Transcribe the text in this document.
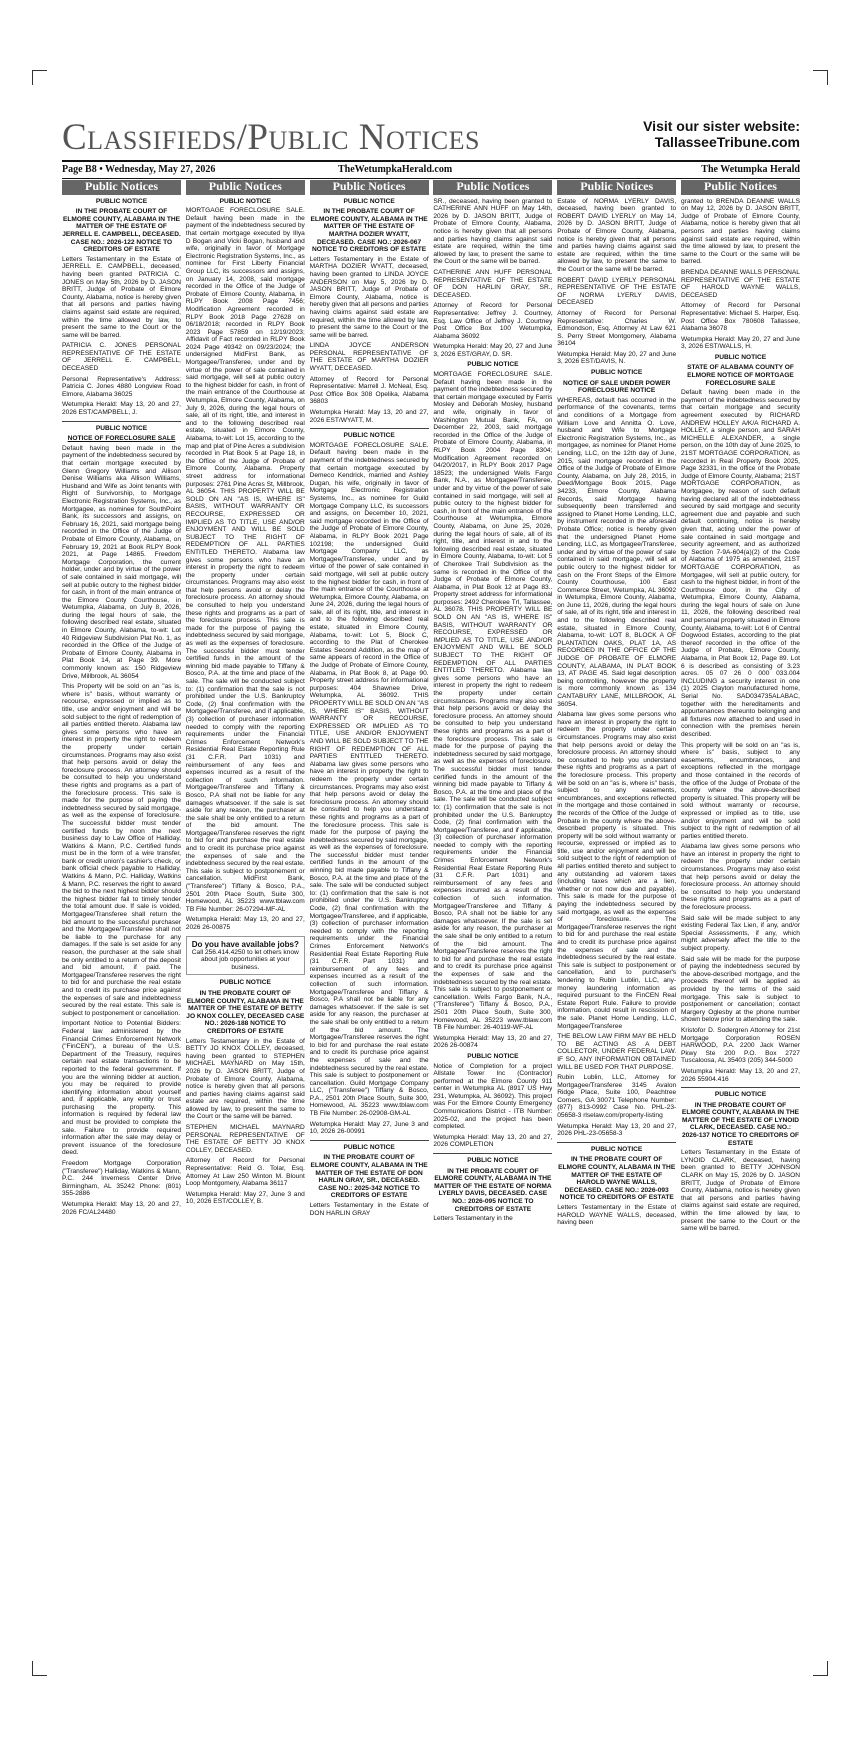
Classifieds/Public Notices	Visit our sister website:
TallasseeTribune.com
Page B8 • Wednesday, May 27, 2026	TheWetumpkaHerald.com	The Wetumpka Herald
Public Notices
PUBLIC NOTICE
IN THE PROBATE COURT OF ELMORE COUNTY, ALABAMA IN THE MATTER OF THE ESTATE OF JERRELL E. CAMPBELL, DECEASED. CASE NO.: 2026-122 NOTICE TO CREDITORS OF ESTATE
Letters Testamentary in the Estate of JERRELL E. CAMPBELL, deceased, having been granted PATRICIA C. JONES on May 5th, 2026 by D. JASON BRITT, Judge of Probate of Elmore County, Alabama, notice is hereby given that all persons and parties having claims against said estate are required, within the time allowed by law, to present the same to the Court or the same will be barred.
PATRICIA C. JONES PERSONAL REPRESENTATIVE OF THE ESTATE OF JERRELL E. CAMPBELL, DECEASED
Personal Representative's Address: Patricia C. Jones 4880 Longview Road Elmore, Alabama 36025
Wetumpka Herald: May 13, 20 and 27, 2026 EST/CAMPBELL, J.
PUBLIC NOTICE
NOTICE OF FORECLOSURE SALE
Default having been made in the payment of the indebtedness secured by that certain mortgage executed by Glenn Gregory Williams and Allison Denise Williams aka Allison Williams, Husband and Wife as Joint tenants with Right of Survivorship, to Mortgage Electronic Registration Systems, Inc., as Mortgagee, as nominee for SouthPoint Bank, its successors and assigns, on February 16, 2021, said mortgage being recorded in the Office of the Judge of Probate of Elmore County, Alabama, on February 19, 2021 at Book RLPY Book 2021, at Page 14865. Freedom Mortgage Corporation, the current holder, under and by virtue of the power of sale contained in said mortgage, will sell at public outcry to the highest bidder for cash, in front of the main entrance of the Elmore County Courthouse, in Wetumpka, Alabama, on July 8, 2026, during the legal hours of sale, the following described real estate, situated in Elmore County, Alabama, to-wit: Lot 40 Ridgeview Subdivision Plat No. 1, as recorded in the Office of the Judge of Probate of Elmore County, Alabama in Plat Book 14, at Page 39. More commonly known as: 150 Ridgeview Drive, Millbrook, AL 36054
This Property will be sold on an "as is, where is" basis, without warranty or recourse, expressed or implied as to title, use and/or enjoyment and will be sold subject to the right of redemption of all parties entitled thereto. Alabama law gives some persons who have an interest in property the right to redeem the property under certain circumstances. Programs may also exist that help persons avoid or delay the foreclosure process. An attorney should be consulted to help you understand these rights and programs as a part of the foreclosure process. This sale is made for the purpose of paying the indebtedness secured by said mortgage, as well as the expense of foreclosure. The successful bidder must tender certified funds by noon the next business day to Law Office of Halliday, Watkins & Mann, P.C. Certified funds must be in the form of a wire transfer, bank or credit union's cashier's check, or bank official check payable to Halliday, Watkins & Mann, P.C. Halliday, Watkins & Mann, P.C. reserves the right to award the bid to the next highest bidder should the highest bidder fail to timely tender the total amount due. If sale is voided, Mortgagee/Transferee shall return the bid amount to the successful purchaser and the Mortgagee/Transferee shall not be liable to the purchase for any damages. If the sale is set aside for any reason, the purchaser at the sale shall be only entitled to a return of the deposit and bid amount, if paid. The Mortgagee/Transferee reserves the right to bid for and purchase the real estate and to credit its purchase price against the expenses of sale and indebtedness secured by the real estate. This sale is subject to postponement or cancellation.
Important Notice to Potential Bidders: Federal law administered by the Financial Crimes Enforcement Network ("FinCEN"), a bureau of the U.S. Department of the Treasury, requires certain real estate transactions to be reported to the federal government. If you are the winning bidder at auction, you may be required to provide identifying information about yourself and, if applicable, any entity or trust purchasing the property. This information is required by federal law and must be provided to complete the sale. Failure to provide required information after the sale may delay or prevent issuance of the foreclosure deed.
Freedom Mortgage Corporation ("Transferee") Halliday, Watkins & Mann, P.C. 244 Inverness Center Drive Birmingham, AL 35242 Phone: (801) 355-2886
Wetumpka Herald: May 13, 20 and 27, 2026 FC/AL24480
Public Notices
PUBLIC NOTICE
MORTGAGE FORECLOSURE SALE. Default having been made in the payment of the indebtedness secured by that certain mortgage executed by Illya D Bogan and Vicki Bogan, husband and wife, originally in favor of Mortgage Electronic Registration Systems, Inc., as nominee for First Liberty Financial Group LLC, its successors and assigns, on January 14, 2008, said mortgage recorded in the Office of the Judge of Probate of Elmore County, Alabama, in RLPY Book 2008 Page 7456; Modification Agreement recorded in RLPY Book 2018 Page 27628 on 06/18/2018; recorded in RLPY Book 2023 Page 57859 on 12/19/2023; Affidavit of Fact recorded in RLPY Book 2024 Page 49342 on 09/23/2024; the undersigned MidFirst Bank, as Mortgagee/Transferee, under and by virtue of the power of sale contained in said mortgage, will sell at public outcry to the highest bidder for cash, in front of the main entrance of the Courthouse at Wetumpka, Elmore County, Alabama, on July 9, 2026, during the legal hours of sale, all of its right, title, and interest in and to the following described real estate, situated in Elmore County, Alabama, to-wit: Lot 15, according to the map and plat of Pine Acres a subdivision recorded in Plat Book 5 at Page 18, in the Office of the Judge of Probate of Elmore County, Alabama. Property street address for informational purposes: 2761 Pine Acres St, Millbrook, AL 36054. THIS PROPERTY WILL BE SOLD ON AN "AS IS, WHERE IS" BASIS, WITHOUT WARRANTY OR RECOURSE, EXPRESSED OR IMPLIED AS TO TITLE, USE AND/OR ENJOYMENT AND WILL BE SOLD SUBJECT TO THE RIGHT OF REDEMPTION OF ALL PARTIES ENTITLED THERETO. Alabama law gives some persons who have an interest in property the right to redeem the property under certain circumstances. Programs may also exist that help persons avoid or delay the foreclosure process. An attorney should be consulted to help you understand these rights and programs as a part of the foreclosure process. This sale is made for the purpose of paying the indebtedness secured by said mortgage, as well as the expenses of foreclosure. The successful bidder must tender certified funds in the amount of the winning bid made payable to Tiffany & Bosco, P.A. at the time and place of the sale. The sale will be conducted subject to: (1) confirmation that the sale is not prohibited under the U.S. Bankruptcy Code, (2) final confirmation with the Mortgagee/Transferee, and if applicable, (3) collection of purchaser information needed to comply with the reporting requirements under the Financial Crimes Enforcement Network's Residential Real Estate Reporting Rule (31 C.F.R. Part 1031) and reimbursement of any fees and expenses incurred as a result of the collection of such information. Mortgagee/Transferee and Tiffany & Bosco, P.A shall not be liable for any damages whatsoever. If the sale is set aside for any reason, the purchaser at the sale shall be only entitled to a return of the bid amount. The Mortgagee/Transferee reserves the right to bid for and purchase the real estate and to credit its purchase price against the expenses of sale and the indebtedness secured by the real estate. This sale is subject to postponement or cancellation. MidFirst Bank, ("Transferee") Tiffany & Bosco, P.A., 2501 20th Place South, Suite 300, Homewood, AL 35223 www.tblaw.com TB File Number: 26-07294-MF-AL
Wetumpka Herald: May 13, 20 and 27, 2026 26-00875
Do you have available jobs?
Call 256.414.4250 to let others know about job opportunities at your business.
PUBLIC NOTICE
IN THE PROBATE COURT OF ELMORE COUNTY, ALABAMA IN THE MATTER OF THE ESTATE OF BETTY JO KNOX COLLEY, DECEASED CASE NO.: 2026-188 NOTICE TO CREDITORS OF ESTATE
Letters Testamentary in the Estate of BETTY JO KNOX COLLEY, deceased, having been granted to STEPHEN MICHAEL MAYNARD on May 15th, 2026 by D. JASON BRITT, Judge of Probate of Elmore County, Alabama, notice is hereby given that all persons and parties having claims against said estate are required, within the time allowed by law, to present the same to the Court or the same will be barred.
STEPHEN MICHAEL MAYNARD PERSONAL REPRESENTATIVE OF THE ESTATE OF BETTY JO KNOX COLLEY, DECEASED.
Attorney of Record for Personal Representative: Reid G. Tolar, Esq. Attorney At Law 250 Winton M. Blount Loop Montgomery, Alabama 36117
Wetumpka Herald: May 27, June 3 and 10, 2026 EST/COLLEY, B.
Public Notices
PUBLIC NOTICE
IN THE PROBATE COURT OF ELMORE COUNTY, ALABAMA IN THE MATTER OF THE ESTATE OF MARTHA DOZIER WYATT, DECEASED. CASE NO.: 2026-067 NOTICE TO CREDITORS OF ESTATE
Letters Testamentary in the Estate of MARTHA DOZIER WYATT, deceased, having been granted to LINDA JOYCE ANDERSON on May 5, 2026 by D. JASON BRITT, Judge of Probate of Elmore County, Alabama, notice is hereby given that all persons and parties having claims against said estate are required, within the time allowed by law, to present the same to the Court or the same will be barred.
LINDA JOYCE ANDERSON PERSONAL REPRESENTATIVE OF THE ESTATE OF MARTHA DOZIER WYATT, DECEASED.
Attorney of Record for Personal Representative: Marrell J. McNeal, Esq. Post Office Box 308 Opelika, Alabama 36803
Wetumpka Herald: May 13, 20 and 27, 2026 EST/WYATT, M.
PUBLIC NOTICE
MORTGAGE FORECLOSURE SALE. Default having been made in the payment of the indebtedness secured by that certain mortgage executed by Demeco Kendrick, married and Ashley Dugan, his wife, originally in favor of Mortgage Electronic Registration Systems, Inc., as nominee for Guild Mortgage Company LLC, its successors and assigns, on December 10, 2021, said mortgage recorded in the Office of the Judge of Probate of Elmore County, Alabama, in RLPY Book 2021 Page 102198; the undersigned Guild Mortgage Company LLC, as Mortgagee/Transferee, under and by virtue of the power of sale contained in said mortgage, will sell at public outcry to the highest bidder for cash, in front of the main entrance of the Courthouse at Wetumpka, Elmore County, Alabama, on June 24, 2026, during the legal hours of sale, all of its right, title, and interest in and to the following described real estate, situated in Elmore County, Alabama, to-wit: Lot 5, Block C, according to the Plat of Cherokee Estates Second Addition, as the map of same appears of record in the Office of the Judge of Probate of Elmore County, Alabama, in Plat Book 8, at Page 90. Property street address for informational purposes: 404 Shawnee Drive, Wetumpka, AL 36092. THIS PROPERTY WILL BE SOLD ON AN "AS IS, WHERE IS" BASIS, WITHOUT WARRANTY OR RECOURSE, EXPRESSED OR IMPLIED AS TO TITLE, USE AND/OR ENJOYMENT AND WILL BE SOLD SUBJECT TO THE RIGHT OF REDEMPTION OF ALL PARTIES ENTITLED THERETO. Alabama law gives some persons who have an interest in property the right to redeem the property under certain circumstances. Programs may also exist that help persons avoid or delay the foreclosure process. An attorney should be consulted to help you understand these rights and programs as a part of the foreclosure process. This sale is made for the purpose of paying the indebtedness secured by said mortgage, as well as the expenses of foreclosure. The successful bidder must tender certified funds in the amount of the winning bid made payable to Tiffany & Bosco, P.A. at the time and place of the sale. The sale will be conducted subject to: (1) confirmation that the sale is not prohibited under the U.S. Bankruptcy Code, (2) final confirmation with the Mortgagee/Transferee, and if applicable, (3) collection of purchaser information needed to comply with the reporting requirements under the Financial Crimes Enforcement Network's Residential Real Estate Reporting Rule (31 C.F.R. Part 1031) and reimbursement of any fees and expenses incurred as a result of the collection of such information. Mortgagee/Transferee and Tiffany & Bosco, P.A shall not be liable for any damages whatsoever. If the sale is set aside for any reason, the purchaser at the sale shall be only entitled to a return of the bid amount. The Mortgagee/Transferee reserves the right to bid for and purchase the real estate and to credit its purchase price against the expenses of sale and the indebtedness secured by the real estate. This sale is subject to postponement or cancellation. Guild Mortgage Company LLC, ("Transferee") Tiffany & Bosco, P.A., 2501 20th Place South, Suite 300, Homewood, AL 35223 www.tblaw.com TB File Number: 26-02908-GM-AL
Wetumpka Herald: May 27, June 3 and 10, 2026 26-00991
PUBLIC NOTICE
IN THE PROBATE COURT OF ELMORE COUNTY, ALABAMA IN THE MATTER OF THE ESTATE OF DON HARLIN GRAY, SR., DECEASED. CASE NO.: 2025-342 NOTICE TO CREDITORS OF ESTATE
Letters Testamentary in the Estate of DON HARLIN GRAY
Public Notices
SR., deceased, having been granted to CATHERINE ANN HUFF on May 14th, 2026 by D. JASON BRITT, Judge of Probate of Elmore County, Alabama, notice is hereby given that all persons and parties having claims against said estate are required, within the time allowed by law, to present the same to the Court or the same will be barred.
CATHERINE ANN HUFF PERSONAL REPRESENTATIVE OF THE ESTATE OF DON HARLIN GRAY, SR., DECEASED.
Attorney of Record for Personal Representative: Jeffrey J. Courtney, Esq. Law Office of Jeffrey J. Courtney Post Office Box 100 Wetumpka, Alabama 36092
Wetumpka Herald: May 20, 27 and June 3, 2026 EST/GRAY, D. SR.
PUBLIC NOTICE
MORTGAGE FORECLOSURE SALE. Default having been made in the payment of the indebtedness secured by that certain mortgage executed by Farris Mosley and Deborah Mosley, husband and wife, originally in favor of Washington Mutual Bank, FA, on December 22, 2003, said mortgage recorded in the Office of the Judge of Probate of Elmore County, Alabama, in RLPY Book 2004 Page 8304; Modification Agreement recorded on 04/20/2017, in RLPY Book 2017 Page 18523; the undersigned Wells Fargo Bank, N.A., as Mortgagee/Transferee, under and by virtue of the power of sale contained in said mortgage, will sell at public outcry to the highest bidder for cash, in front of the main entrance of the Courthouse at Wetumpka, Elmore County, Alabama, on June 25, 2026, during the legal hours of sale, all of its right, title, and interest in and to the following described real estate, situated in Elmore County, Alabama, to-wit: Lot 5 of Cherokee Trail Subdivision as the same is recorded in the Office of the Judge of Probate of Elmore County, Alabama, in Plat Book 12 at Page 83.. Property street address for informational purposes: 2492 Cherokee Trl, Tallassee, AL 36078. THIS PROPERTY WILL BE SOLD ON AN "AS IS, WHERE IS" BASIS, WITHOUT WARRANTY OR RECOURSE, EXPRESSED OR IMPLIED AS TO TITLE, USE AND/OR ENJOYMENT AND WILL BE SOLD SUBJECT TO THE RIGHT OF REDEMPTION OF ALL PARTIES ENTITLED THERETO. Alabama law gives some persons who have an interest in property the right to redeem the property under certain circumstances. Programs may also exist that help persons avoid or delay the foreclosure process. An attorney should be consulted to help you understand these rights and programs as a part of the foreclosure process. This sale is made for the purpose of paying the indebtedness secured by said mortgage, as well as the expenses of foreclosure. The successful bidder must tender certified funds in the amount of the winning bid made payable to Tiffany & Bosco, P.A. at the time and place of the sale. The sale will be conducted subject to: (1) confirmation that the sale is not prohibited under the U.S. Bankruptcy Code, (2) final confirmation with the Mortgagee/Transferee, and if applicable, (3) collection of purchaser information needed to comply with the reporting requirements under the Financial Crimes Enforcement Network's Residential Real Estate Reporting Rule (31 C.F.R. Part 1031) and reimbursement of any fees and expenses incurred as a result of the collection of such information. Mortgagee/Transferee and Tiffany & Bosco, P.A shall not be liable for any damages whatsoever. If the sale is set aside for any reason, the purchaser at the sale shall be only entitled to a return of the bid amount. The Mortgagee/Transferee reserves the right to bid for and purchase the real estate and to credit its purchase price against the expenses of sale and the indebtedness secured by the real estate. This sale is subject to postponement or cancellation. Wells Fargo Bank, N.A., ("Transferee") Tiffany & Bosco, P.A., 2501 20th Place South, Suite 300, Homewood, AL 35223 www.tblaw.com TB File Number: 26-40119-WF-AL
Wetumpka Herald: May 13, 20 and 27, 2026 26-00874
PUBLIC NOTICE
Notice of Completion for a project Allstate Tower Inc (Contractor) performed at the Elmore County 911 center in Wetumpka AL (8917 US Hwy 231, Wetumpka, AL 36092). This project was For the Elmore County Emergency Communications District - ITB Number: 2025-02, and the project has been completed.
Wetumpka Herald: May 13, 20 and 27, 2026 COMPLETION
PUBLIC NOTICE
IN THE PROBATE COURT OF ELMORE COUNTY, ALABAMA IN THE MATTER OF THE ESTATE OF NORMA LYERLY DAVIS, DECEASED. CASE NO.: 2026-095 NOTICE TO CREDITORS OF ESTATE
Letters Testamentary in the
Public Notices
Estate of NORMA LYERLY DAVIS, deceased, having been granted to ROBERT DAVID LYERLY on May 14, 2026 by D. JASON BRITT, Judge of Probate of Elmore County, Alabama, notice is hereby given that all persons and parties having claims against said estate are required, within the time allowed by law, to present the same to the Court or the same will be barred.
ROBERT DAVID LYERLY PERSONAL REPRESENTATIVE OF THE ESTATE OF NORMA LYERLY DAVIS, DECEASED
Attorney of Record for Personal Representative: Charles W. Edmondson, Esq. Attorney At Law 621 S. Perry Street Montgomery, Alabama 36104
Wetumpka Herald: May 20, 27 and June 3, 2026 EST/DAVIS, N.
PUBLIC NOTICE
NOTICE OF SALE UNDER POWER FORECLOSURE NOTICE
WHEREAS, default has occurred in the performance of the covenants, terms and conditions of a Mortgage from William Love and Annitta O. Love, husband and Wife to Mortgage Electronic Registration Systems, Inc., as mortgagee, as nominee for Planet Home Lending, LLC, on the 12th day of June, 2015, said mortgage recorded in the Office of the Judge of Probate of Elmore County, Alabama, on July 28, 2015, in Deed/Mortgage Book 2015, Page 34233, Elmore County, Alabama Records, said Mortgage having subsequently been transferred and assigned to Planet Home Lending, LLC, by instrument recorded in the aforesaid Probate Office; notice is hereby given that the undersigned Planet Home Lending, LLC, as Mortgagee/Transferee, under and by virtue of the power of sale contained in said mortgage, will sell at public outcry to the highest bidder for cash on the Front Steps of the Elmore County Courthouse, 100 East Commerce Street, Wetumpka, AL 36092 in Wetumpka, Elmore County, Alabama, on June 11, 2026, during the legal hours of sale, all of its right, title and interest in and to the following described real estate, situated in Elmore County, Alabama, to-wit: LOT 8, BLOCK A OF PLANTATION OAKS, PLAT 1A, AS RECORDED IN THE OFFICE OF THE JUDGE OF PROBATE OF ELMORE COUNTY, ALABAMA, IN PLAT BOOK 13, AT PAGE 45. Said legal description being controlling, however the property is more commonly known as 134 CANTABURY LANE, MILLBROOK, AL 36054.
Alabama law gives some persons who have an interest in property the right to redeem the property under certain circumstances. Programs may also exist that help persons avoid or delay the foreclosure process. An attorney should be consulted to help you understand these rights and programs as a part of the foreclosure process. This property will be sold on an "as is, where is" basis, subject to any easements, encumbrances, and exceptions reflected in the mortgage and those contained in the records of the Office of the Judge of Probate in the county where the above-described property is situated. This property will be sold without warranty or recourse, expressed or implied as to title, use and/or enjoyment and will be sold subject to the right of redemption of all parties entitled thereto and subject to any outstanding ad valorem taxes (including taxes which are a lien, whether or not now due and payable). This sale is made for the purpose of paying the indebtedness secured by said mortgage, as well as the expenses of foreclosure. The Mortgagee/Transferee reserves the right to bid for and purchase the real estate and to credit its purchase price against the expenses of sale and the indebtedness secured by the real estate. This sale is subject to postponement or cancellation, and to purchaser's tendering to Rubin Lublin, LLC, any-money laundering information as required pursuant to the FinCEN Real Estate Report Rule. Failure to provide information, could result in rescission of the sale. Planet Home Lending, LLC, Mortgagee/Transferee
THE BELOW LAW FIRM MAY BE HELD TO BE ACTING AS A DEBT COLLECTOR, UNDER FEDERAL LAW. IF SO, ANY INFORMATION OBTAINED WILL BE USED FOR THAT PURPOSE.
Rubin Lublin, LLC, Attorney for Mortgagee/Transferee 3145 Avalon Ridge Place, Suite 100, Peachtree Corners, GA 30071 Telephone Number: (877) 813-0992 Case No. PHL-23-05658-3 rlselaw.com/property-listing
Wetumpka Herald: May 13, 20 and 27, 2026 PHL-23-05658-3
PUBLIC NOTICE
IN THE PROBATE COURT OF ELMORE COUNTY, ALABAMA IN THE MATTER OF THE ESTATE OF HAROLD WAYNE WALLS, DECEASED. CASE NO.: 2026-093 NOTICE TO CREDITORS OF ESTATE
Letters Testamentary in the Estate of HAROLD WAYNE WALLS, deceased, having been
Public Notices
granted to BRENDA DEANNE WALLS on May 12, 2026 by D. JASON BRITT, Judge of Probate of Elmore County, Alabama, notice is hereby given that all persons and parties having claims against said estate are required, within the time allowed by law, to present the same to the Court or the same will be barred.
BRENDA DEANNE WALLS PERSONAL REPRESENTATIVE OF THE ESTATE OF HAROLD WAYNE WALLS, DECEASED
Attorney of Record for Personal Representative: Michael S. Harper, Esq. Post Office Box 780608 Tallassee, Alabama 36078
Wetumpka Herald: May 20, 27 and June 3, 2026 EST/WALLS, H.
PUBLIC NOTICE
STATE OF ALABAMA COUNTY OF ELMORE NOTICE OF MORTGAGE FORECLOSURE SALE
Default having been made in the payment of the indebtedness secured by that certain mortgage and security agreement executed by RICHARD ANDREW HOLLEY A/K/A RICHARD A. HOLLEY, a single person, and SARAH MICHELLE ALEXANDER, a single person, on the 10th day of June 2025, to 21ST MORTGAGE CORPORATION, as recorded in Real Property Book 2025, Page 32331, in the office of the Probate Judge of Elmore County, Alabama; 21ST MORTGAGE CORPORATION, as Mortgagee, by reason of such default having declared all of the indebtedness secured by said mortgage and security agreement due and payable and such default continuing, notice is hereby given that, acting under the power of sale contained in said mortgage and security agreement, and as authorized by Section 7-9A-604(a)(2) of the Code of Alabama of 1975 as amended, 21ST MORTGAGE CORPORATION, as Mortgagee, will sell at public outcry, for cash to the highest bidder, in front of the Courthouse door, in the City of Wetumpka, Elmore County, Alabama, during the legal hours of sale on June 11, 2026, the following described real and personal property situated in Elmore County, Alabama, to-wit: Lot 6 of Central Dogwood Estates, according to the plat thereof recorded in the office of the Judge of Probate, Elmore County, Alabama, in Plat Book 12, Page 89. Lot 6 is described as consisting of 3.23 acres. 05 07 26 0 000 033.004 INCLUDING a security interest in one (1) 2025 Clayton manufactured home, Serial No. SAD034735ALABAC, together with the hereditaments and appurtenances thereunto belonging and all fixtures now attached to and used in connection with the premises herein described.
This property will be sold on an "as is, where is" basis, subject to any easements, encumbrances, and exceptions reflected in the mortgage and those contained in the records of the office of the Judge of Probate of the county where the above-described property is situated. This property will be sold without warranty or recourse, expressed or implied as to title, use and/or enjoyment and will be sold subject to the right of redemption of all parties entitled thereto.
Alabama law gives some persons who have an interest in property the right to redeem the property under certain circumstances. Programs may also exist that help persons avoid or delay the foreclosure process. An attorney should be consulted to help you understand these rights and programs as a part of the foreclosure process.
Said sale will be made subject to any existing Federal Tax Lien, if any, and/or Special Assessments, if any, which might adversely affect the title to the subject property.
Said sale will be made for the purpose of paying the indebtedness secured by the above-described mortgage, and the proceeds thereof will be applied as provided by the terms of the said mortgage. This sale is subject to postponement or cancellation; contact Margery Oglesby at the phone number shown below prior to attending the sale.
Kristofor D. Sodergren Attorney for 21st Mortgage Corporation ROSEN HARWOOD, P.A. 2200 Jack Warner Pkwy Ste 200 P.O. Box 2727 Tuscaloosa, AL 35403 (205) 344-5000
Wetumpka Herald: May 13, 20 and 27, 2026 55904.416
PUBLIC NOTICE
IN THE PROBATE COURT OF ELMORE COUNTY, ALABAMA IN THE MATTER OF THE ESTATE OF LYNOID CLARK, DECEASED. CASE NO.: 2026-137 NOTICE TO CREDITORS OF ESTATE
Letters Testamentary in the Estate of LYNOID CLARK, deceased, having been granted to BETTY JOHNSON CLARK on May 15, 2026 by D. JASON BRITT, Judge of Probate of Elmore County, Alabama, notice is hereby given that all persons and parties having claims against said estate are required, within the time allowed by law, to present the same to the Court or the same will be barred.
